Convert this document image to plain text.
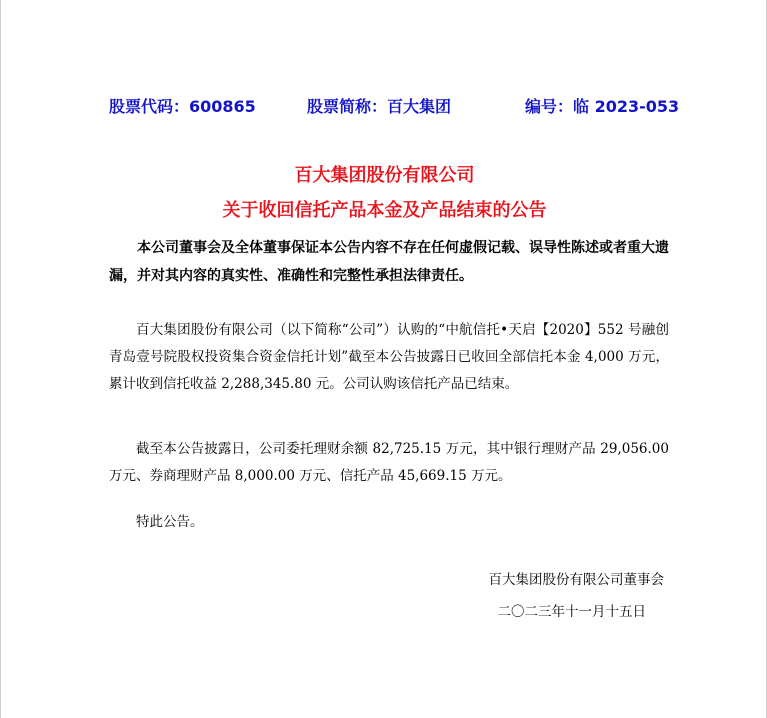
股票代码：600865	股票简称：百大集团	编号：临 2023-053
百大集团股份有限公司
关于收回信托产品本金及产品结束的公告
本公司董事会及全体董事保证本公告内容不存在任何虚假记载、误导性陈述或者重大遗漏，并对其内容的真实性、准确性和完整性承担法律责任。
百大集团股份有限公司（以下简称“公司”）认购的“中航信托•天启【2020】552 号融创青岛壹号院股权投资集合资金信托计划”截至本公告披露日已收回全部信托本金 4,000 万元，累计收到信托收益 2,288,345.80 元。公司认购该信托产品已结束。
截至本公告披露日，公司委托理财余额 82,725.15 万元，其中银行理财产品 29,056.00 万元、券商理财产品 8,000.00 万元、信托产品 45,669.15 万元。
特此公告。
百大集团股份有限公司董事会
二〇二三年十一月十五日
